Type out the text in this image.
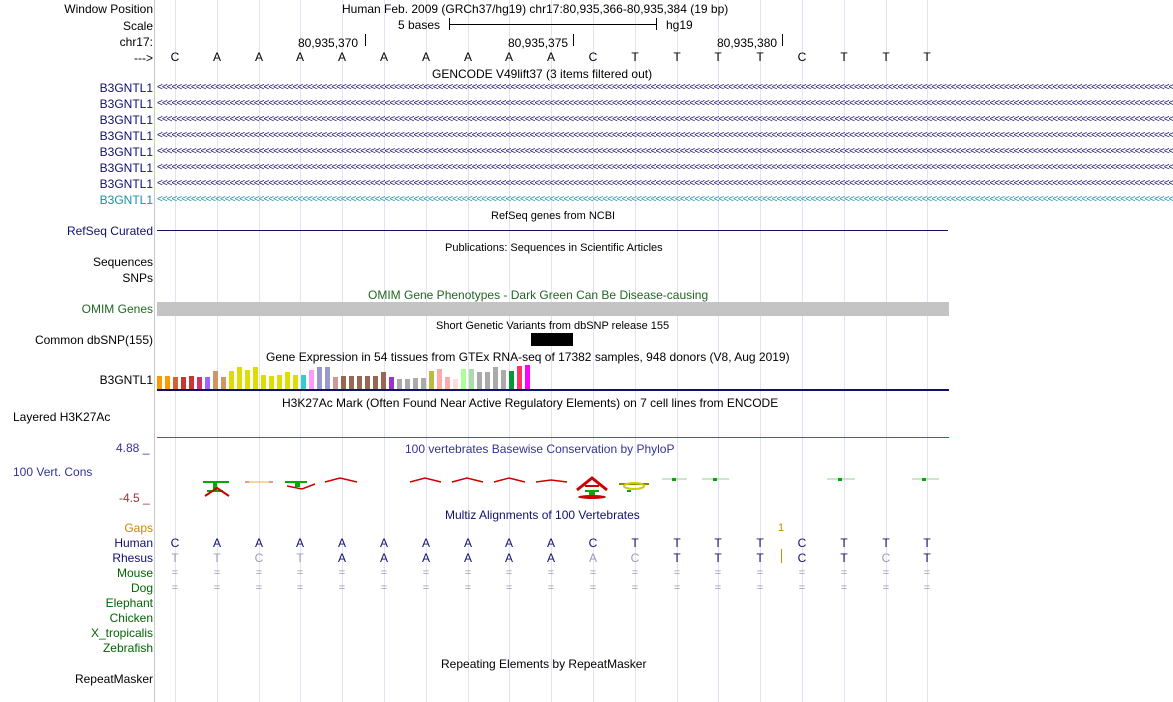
Window Position	Human Feb. 2009 (GRCh37/hg19) chr17:80,935,366-80,935,384 (19 bp)
Scale	5 bases	hg19
chr17:	80,935,370	80,935,375	80,935,380
---> C	A	A	A	A	A	A	A	A	A	C	T	T	T	T	C	T	T	T
GENCODE V49lift37 (3 items filtered out)
B3GNTL1 <<<<<<<<<<<<<<<<<<<<<<<<<<<<<<<<<<<<<<<<<<<<<<<<<<<<<<<<<<<<<<<<<<<<<<<<<<<<<<<<<<<<<<<<<<<<<<<<<<<<<<<<<<<<<<<<<<<<<<<<<<<<<<<<<<<<<<<<<<<<<<<<<<<<<<<<<<<<<<<<<<<<<<<<<<<<<<<<<<<<<<<<<<<<<<<<<<<<<<<<<<<<<<<<<<
B3GNTL1 <<<<<<<<<<<<<<<<<<<<<<<<<<<<<<<<<<<<<<<<<<<<<<<<<<<<<<<<<<<<<<<<<<<<<<<<<<<<<<<<<<<<<<<<<<<<<<<<<<<<<<<<<<<<<<<<<<<<<<<<<<<<<<<<<<<<<<<<<<<<<<<<<<<<<<<<<<<<<<<<<<<<<<<<<<<<<<<<<<<<<<<<<<<<<<<<<<<<<<<<<<<<<<<<<<
B3GNTL1 <<<<<<<<<<<<<<<<<<<<<<<<<<<<<<<<<<<<<<<<<<<<<<<<<<<<<<<<<<<<<<<<<<<<<<<<<<<<<<<<<<<<<<<<<<<<<<<<<<<<<<<<<<<<<<<<<<<<<<<<<<<<<<<<<<<<<<<<<<<<<<<<<<<<<<<<<<<<<<<<<<<<<<<<<<<<<<<<<<<<<<<<<<<<<<<<<<<<<<<<<<<<<<<<<<
B3GNTL1 <<<<<<<<<<<<<<<<<<<<<<<<<<<<<<<<<<<<<<<<<<<<<<<<<<<<<<<<<<<<<<<<<<<<<<<<<<<<<<<<<<<<<<<<<<<<<<<<<<<<<<<<<<<<<<<<<<<<<<<<<<<<<<<<<<<<<<<<<<<<<<<<<<<<<<<<<<<<<<<<<<<<<<<<<<<<<<<<<<<<<<<<<<<<<<<<<<<<<<<<<<<<<<<<<<
B3GNTL1 <<<<<<<<<<<<<<<<<<<<<<<<<<<<<<<<<<<<<<<<<<<<<<<<<<<<<<<<<<<<<<<<<<<<<<<<<<<<<<<<<<<<<<<<<<<<<<<<<<<<<<<<<<<<<<<<<<<<<<<<<<<<<<<<<<<<<<<<<<<<<<<<<<<<<<<<<<<<<<<<<<<<<<<<<<<<<<<<<<<<<<<<<<<<<<<<<<<<<<<<<<<<<<<<<<
B3GNTL1 <<<<<<<<<<<<<<<<<<<<<<<<<<<<<<<<<<<<<<<<<<<<<<<<<<<<<<<<<<<<<<<<<<<<<<<<<<<<<<<<<<<<<<<<<<<<<<<<<<<<<<<<<<<<<<<<<<<<<<<<<<<<<<<<<<<<<<<<<<<<<<<<<<<<<<<<<<<<<<<<<<<<<<<<<<<<<<<<<<<<<<<<<<<<<<<<<<<<<<<<<<<<<<<<<<
B3GNTL1 <<<<<<<<<<<<<<<<<<<<<<<<<<<<<<<<<<<<<<<<<<<<<<<<<<<<<<<<<<<<<<<<<<<<<<<<<<<<<<<<<<<<<<<<<<<<<<<<<<<<<<<<<<<<<<<<<<<<<<<<<<<<<<<<<<<<<<<<<<<<<<<<<<<<<<<<<<<<<<<<<<<<<<<<<<<<<<<<<<<<<<<<<<<<<<<<<<<<<<<<<<<<<<<<<<
B3GNTL1 <<<<<<<<<<<<<<<<<<<<<<<<<<<<<<<<<<<<<<<<<<<<<<<<<<<<<<<<<<<<<<<<<<<<<<<<<<<<<<<<<<<<<<<<<<<<<<<<<<<<<<<<<<<<<<<<<<<<<<<<<<<<<<<<<<<<<<<<<<<<<<<<<<<<<<<<<<<<<<<<<<<<<<<<<<<<<<<<<<<<<<<<<<<<<<<<<<<<<<<<<<<<<<<<<<
RefSeq genes from NCBI
RefSeq Curated
Publications: Sequences in Scientific Articles
Sequences
SNPs
OMIM Gene Phenotypes - Dark Green Can Be Disease-causing
OMIM Genes
Short Genetic Variants from dbSNP release 155
Common dbSNP(155)
Gene Expression in 54 tissues from GTEx RNA-seq of 17382 samples, 948 donors (V8, Aug 2019)
B3GNTL1
H3K27Ac Mark (Often Found Near Active Regulatory Elements) on 7 cell lines from ENCODE
Layered H3K27Ac
100 vertebrates Basewise Conservation by PhyloP
4.88 _
100 Vert. Cons
-4.5 _
Multiz Alignments of 100 Vertebrates
Gaps	1
Human C	A	A	A	A	A	A	A	A	A	C	T	T	T	T	C	T	T	T
Rhesus T	T	C	T	A	A	A	A	A	A	A	C	T	T	T	C	T	C	T
Mouse =	=	=	=	=	=	=	=	=	=	=	=	=	=	=	=	=	=	=
Dog =	=	=	=	=	=	=	=	=	=	=	=	=	=	=	=	=	=	=
Elephant
Chicken
X_tropicalis
Zebrafish
Repeating Elements by RepeatMasker
RepeatMasker
